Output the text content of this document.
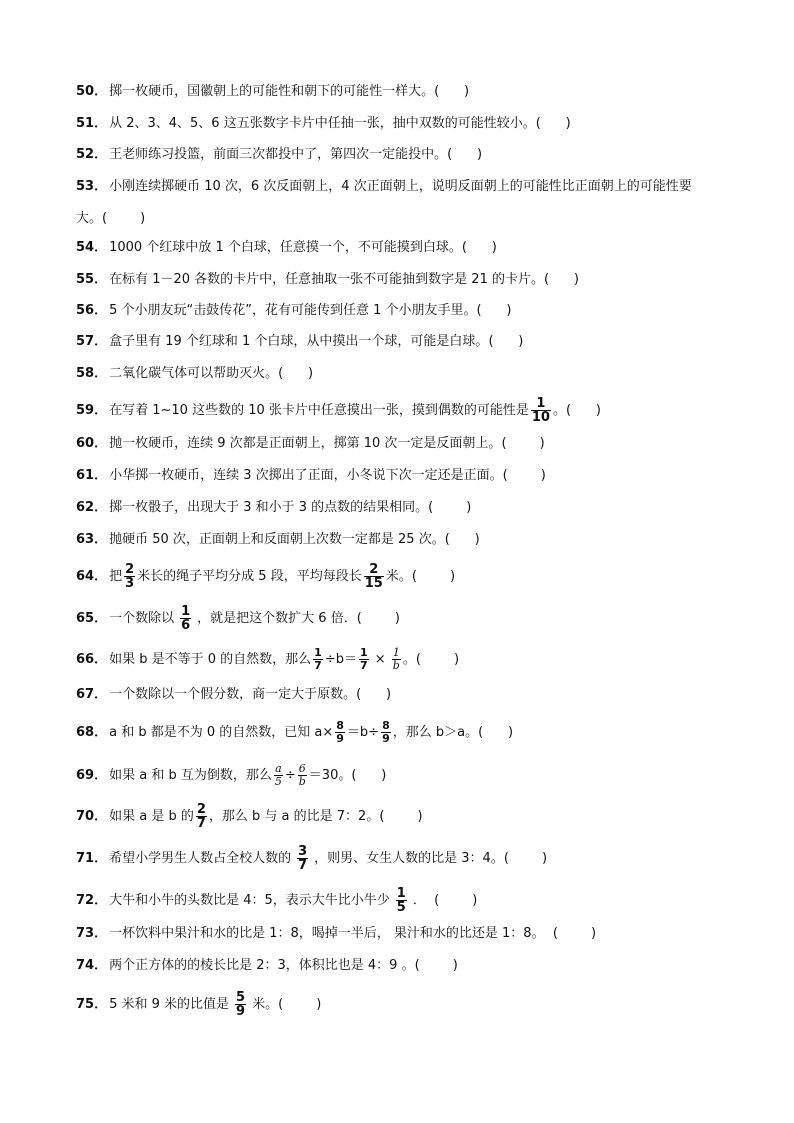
50． 掷一枚硬币，国徽朝上的可能性和朝下的可能性一样大。(      )
51． 从 2、3、4、5、6 这五张数字卡片中任抽一张，抽中双数的可能性较小。(      )
52． 王老师练习投篮，前面三次都投中了，第四次一定能投中。(      )
53． 小刚连续掷硬币 10 次，6 次反面朝上，4 次正面朝上，说明反面朝上的可能性比正面朝上的可能性要大。(        )
54． 1000 个红球中放 1 个白球，任意摸一个，不可能摸到白球。(      )
55． 在标有 1－20 各数的卡片中，任意抽取一张不可能抽到数字是 21 的卡片。(      )
56． 5 个小朋友玩“击鼓传花”，花有可能传到任意 1 个小朋友手里。(      )
57． 盒子里有 19 个红球和 1 个白球，从中摸出一个球，可能是白球。(      )
58． 二氧化碳气体可以帮助灭火。(      )
59． 在写着 1~10 这些数的 10 张卡片中任意摸出一张，摸到偶数的可能性是 $\frac{1}{10}$ 。(      )
60． 抛一枚硬币，连续 9 次都是正面朝上，掷第 10 次一定是反面朝上。(        )
61． 小华掷一枚硬币，连续 3 次掷出了正面，小冬说下次一定还是正面。(        )
62． 掷一枚骰子，出现大于 3 和小于 3 的点数的结果相同。(        )
63． 抛硬币 50 次，正面朝上和反面朝上次数一定都是 25 次。(      )
64． 把 $\frac{2}{3}$ 米长的绳子平均分成 5 段，平均每段长 $\frac{2}{15}$ 米。(        )
65． 一个数除以 $\frac{1}{6}$ ，就是把这个数扩大 6 倍．(        )
66． 如果 b 是不等于 0 的自然数，那么 $\frac{1}{7} \div b= \frac{1}{7} \times \frac{1}{b}$ 。(        )
67． 一个数除以一个假分数，商一定大于原数。(      )
68． a 和 b 都是不为 0 的自然数，已知 $a\times \frac{8}{9} =b\div \frac{8}{9}$ ，那么 b＞a。(      )
69． 如果 a 和 b 互为倒数，那么 $\frac{a}{5} \div \frac{6}{b} =30$。(      )
70． 如果 a 是 b 的 $\frac{2}{7}$ ，那么 b 与 a 的比是 7：2。(        )
71． 希望小学男生人数占全校人数的 $\frac{3}{7}$ ，则男、女生人数的比是 3：4。(        )
72． 大牛和小牛的头数比是 4：5，表示大牛比小牛少 $\frac{1}{5}$ ．  (        )
73． 一杯饮料中果汁和水的比是 1：8，喝掉一半后， 果汁和水的比还是 1：8。  (        )
74． 两个正方体的的棱长比是 2：3，体积比也是 4：9 。(        )
75． 5 米和 9 米的比值是 $\frac{5}{9}$ 米。(        )
